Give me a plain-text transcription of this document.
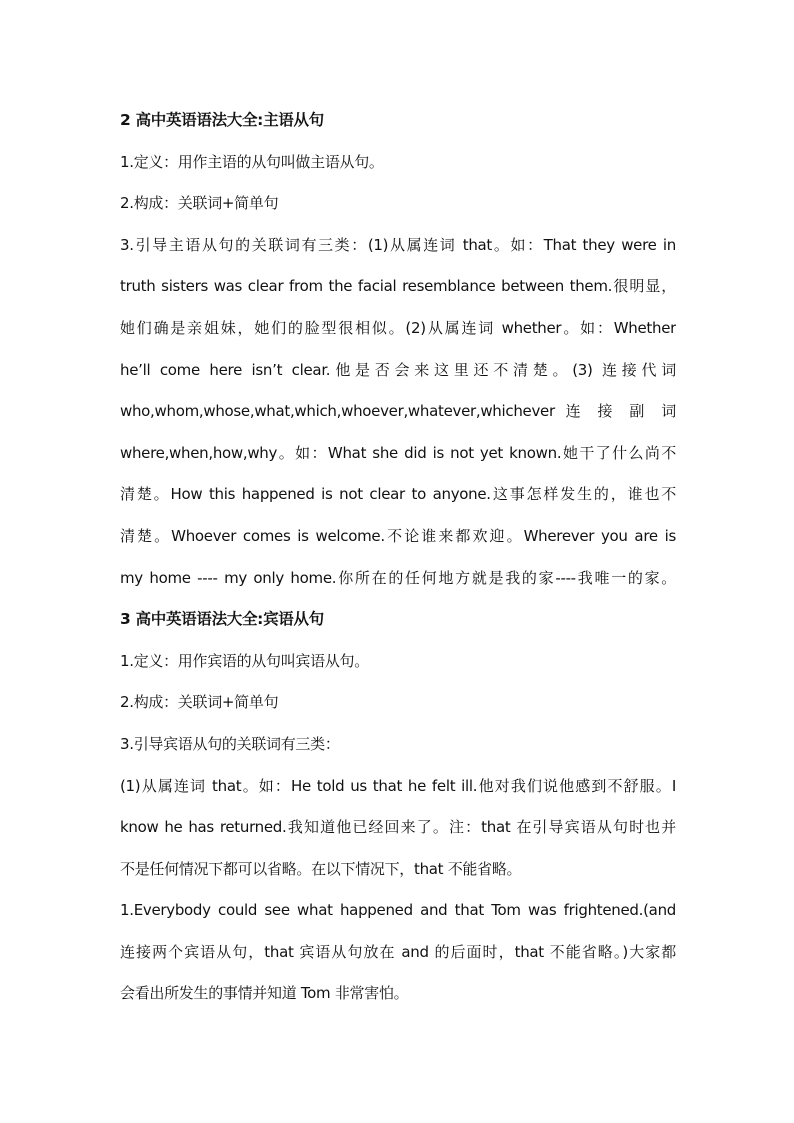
2 高中英语语法大全:主语从句
1.定义：用作主语的从句叫做主语从句。
2.构成：关联词+简单句
3.引导主语从句的关联词有三类：(1)从属连词 that。如：That they were in
truth sisters was clear from the facial resemblance between them.很明显，
她们确是亲姐妹，她们的脸型很相似。(2)从属连词 whether。如：Whether
he’ll come here isn’t clear.他是否会来这里还不清楚。(3) 连接代词
who,whom,whose,what,which,whoever,whatever,whichever 连 接 副 词
where,when,how,why。如：What she did is not yet known.她干了什么尚不
清楚。How this happened is not clear to anyone.这事怎样发生的，谁也不
清楚。Whoever comes is welcome.不论谁来都欢迎。Wherever you are is
my home ---- my only home.你所在的任何地方就是我的家----我唯一的家。
3 高中英语语法大全:宾语从句
1.定义：用作宾语的从句叫宾语从句。
2.构成：关联词+简单句
3.引导宾语从句的关联词有三类：
(1)从属连词 that。如：He told us that he felt ill.他对我们说他感到不舒服。I
know he has returned.我知道他已经回来了。注：that 在引导宾语从句时也并
不是任何情况下都可以省略。在以下情况下，that 不能省略。
1.Everybody could see what happened and that Tom was frightened.(and
连接两个宾语从句，that 宾语从句放在 and 的后面时，that 不能省略。)大家都
会看出所发生的事情并知道 Tom 非常害怕。
